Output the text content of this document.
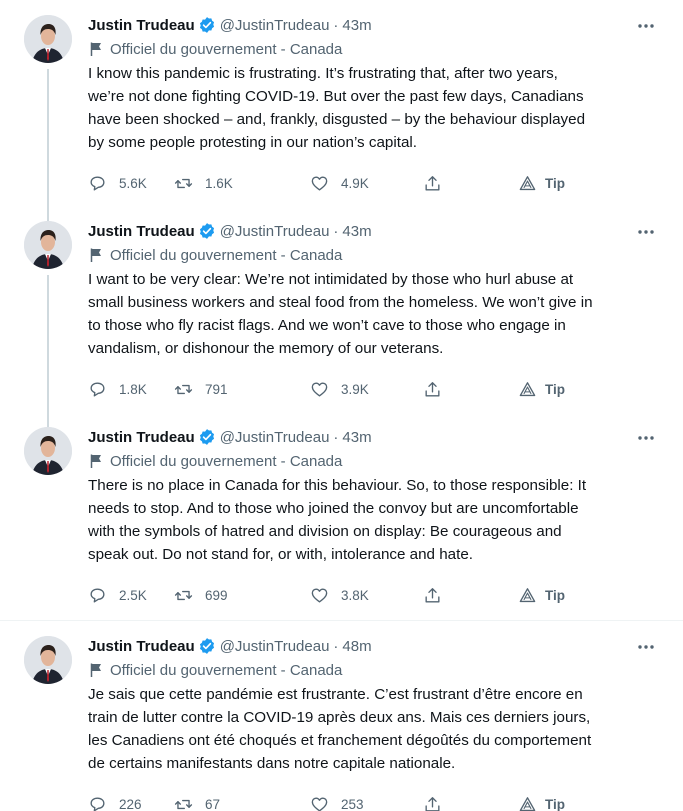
Justin Trudeau @JustinTrudeau · 43m
Officiel du gouvernement - Canada
I know this pandemic is frustrating. It’s frustrating that, after two years,
we’re not done fighting COVID-19. But over the past few days, Canadians
have been shocked – and, frankly, disgusted – by the behaviour displayed
by some people protesting in our nation’s capital.
5.6K	1.6K	4.9K	Tip
Justin Trudeau @JustinTrudeau · 43m
Officiel du gouvernement - Canada
I want to be very clear: We’re not intimidated by those who hurl abuse at
small business workers and steal food from the homeless. We won’t give in
to those who fly racist flags. And we won’t cave to those who engage in
vandalism, or dishonour the memory of our veterans.
1.8K	791	3.9K	Tip
Justin Trudeau @JustinTrudeau · 43m
Officiel du gouvernement - Canada
There is no place in Canada for this behaviour. So, to those responsible: It
needs to stop. And to those who joined the convoy but are uncomfortable
with the symbols of hatred and division on display: Be courageous and
speak out. Do not stand for, or with, intolerance and hate.
2.5K	699	3.8K	Tip
Justin Trudeau @JustinTrudeau · 48m
Officiel du gouvernement - Canada
Je sais que cette pandémie est frustrante. C’est frustrant d’être encore en
train de lutter contre la COVID-19 après deux ans. Mais ces derniers jours,
les Canadiens ont été choqués et franchement dégoûtés du comportement
de certains manifestants dans notre capitale nationale.
226	67	253	Tip
